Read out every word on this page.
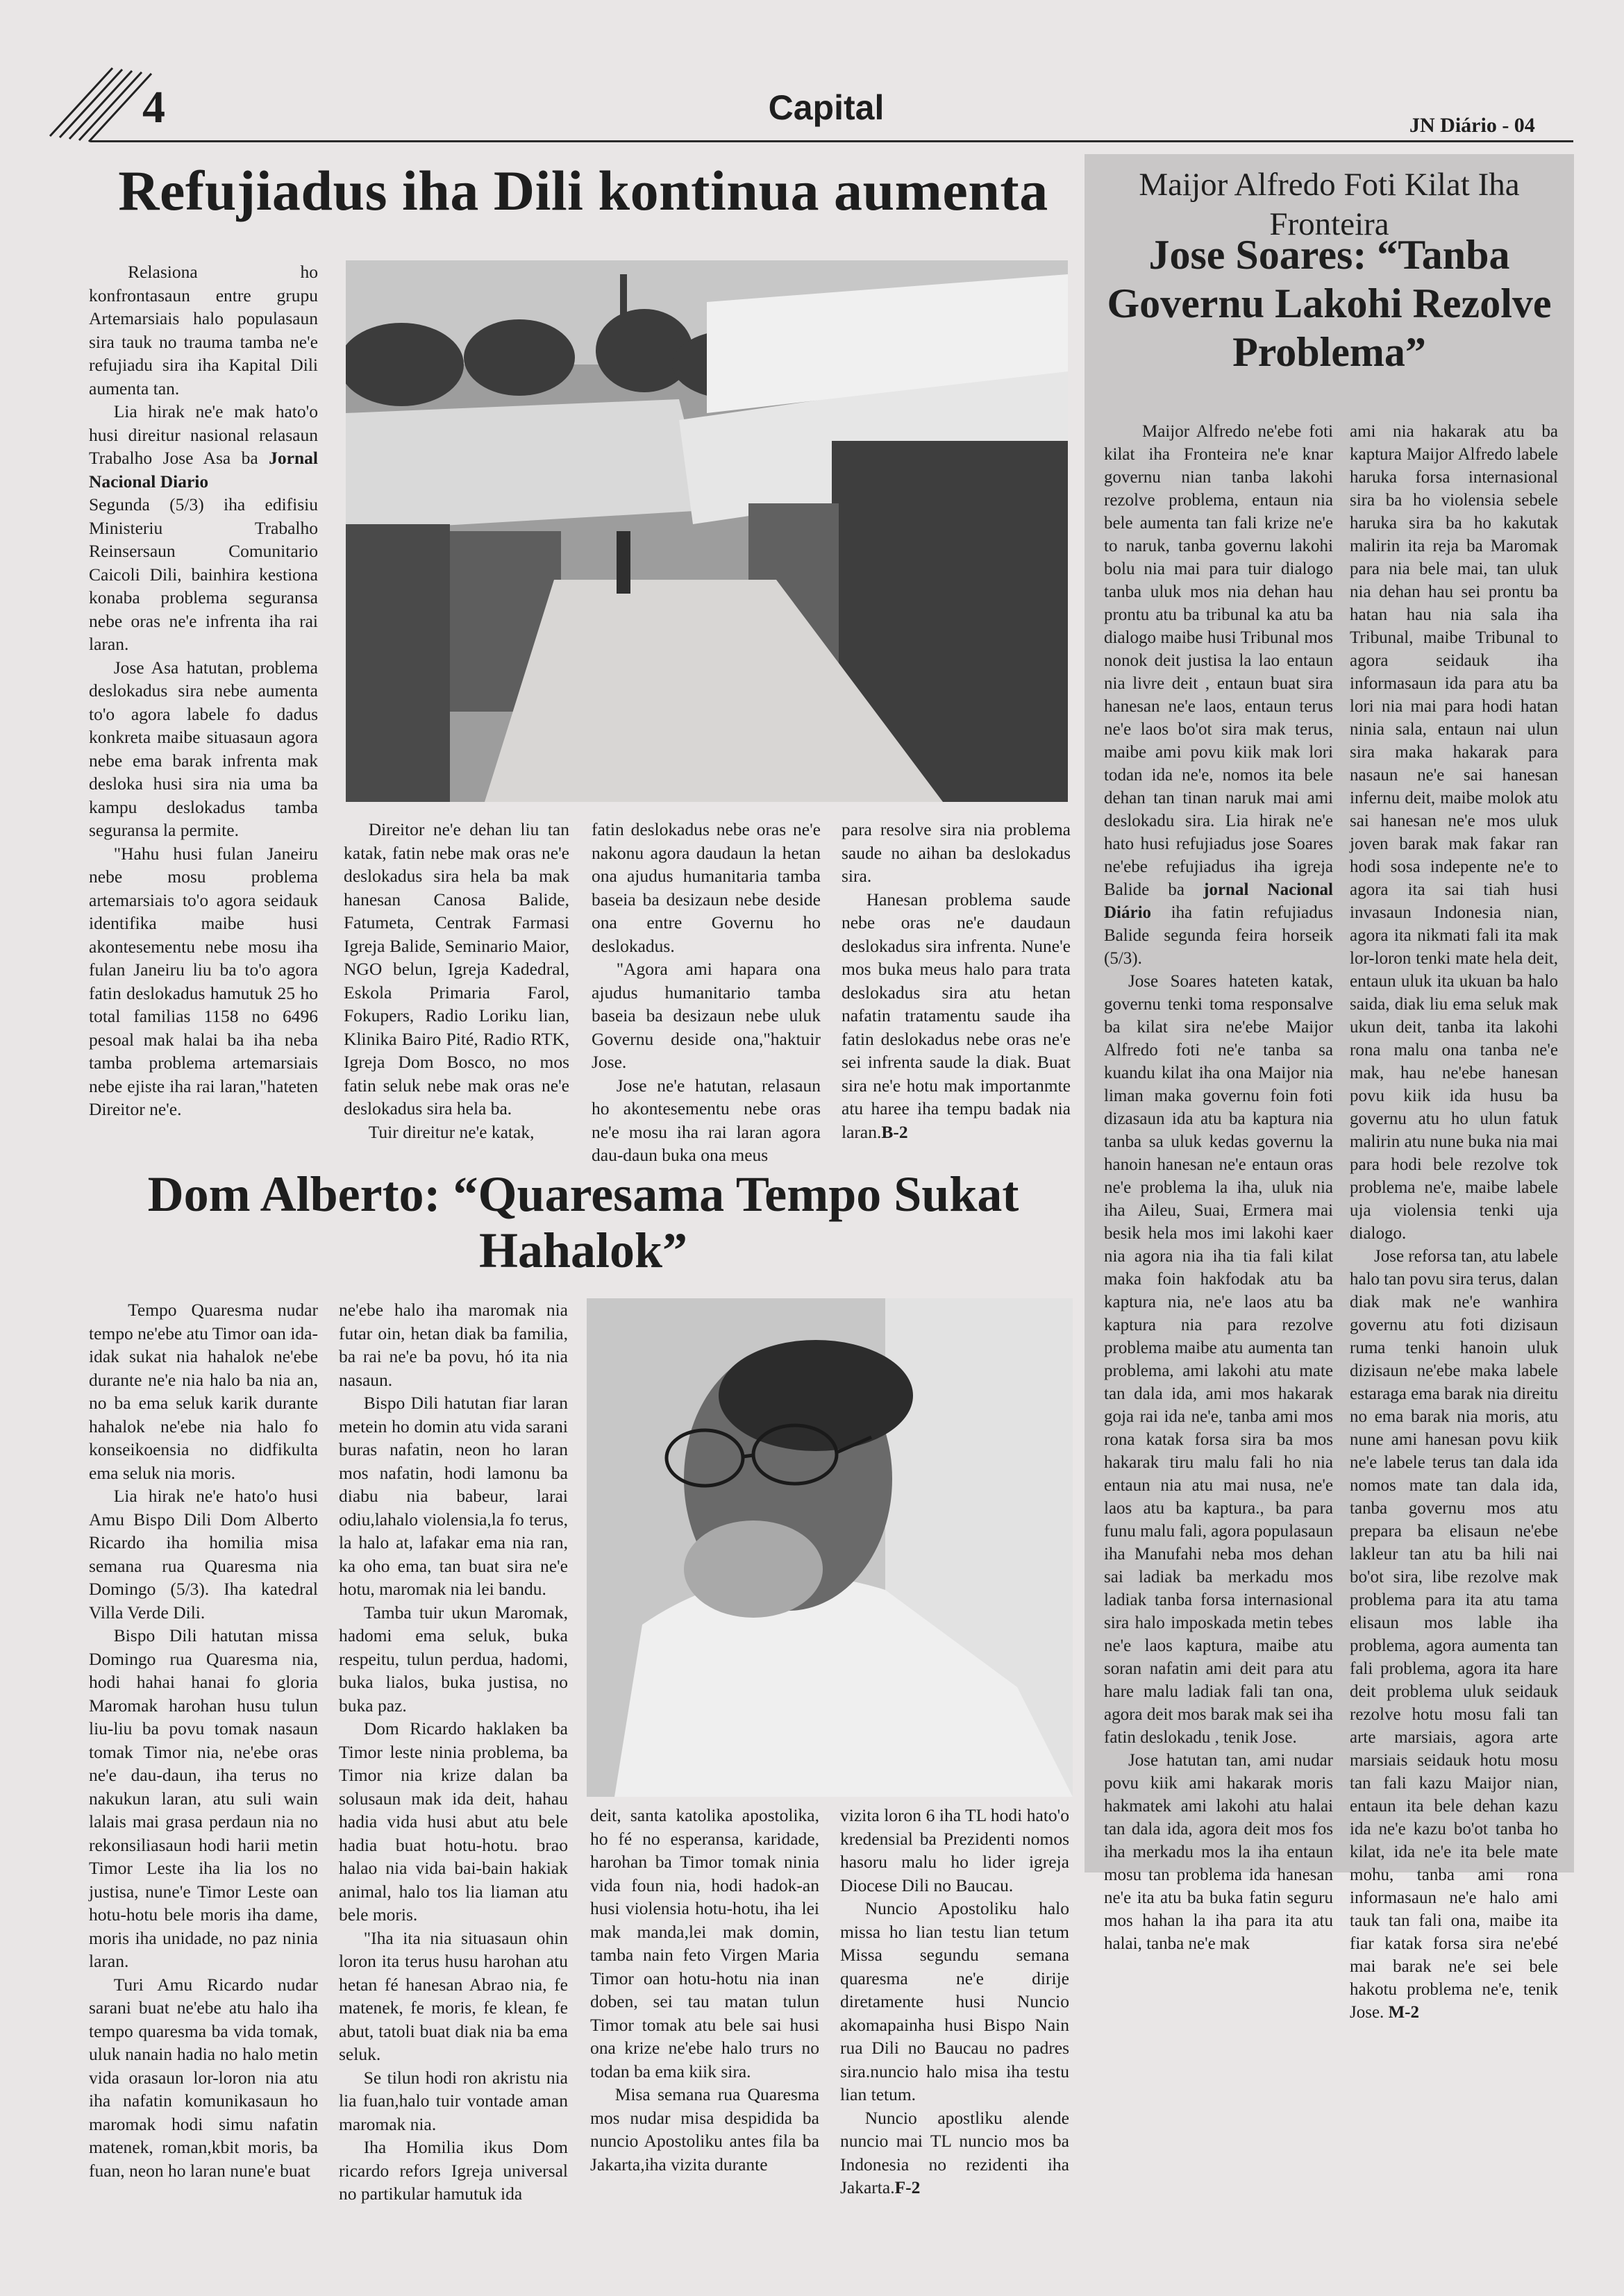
4	Capital	JN Diário - 04
Refujiadus iha Dili kontinua aumenta

Relasiona ho konfrontasaun entre grupu Artemarsiais halo populasaun sira tauk no trauma tamba ne'e refujiadu sira iha Kapital Dili aumenta tan.

Lia hirak ne'e mak hato'o husi direitur nasional relasaun Trabalho Jose Asa ba Jornal Nacional Diario

Segunda (5/3) iha edifisiu Ministeriu Trabalho Reinsersaun Comunitario Caicoli Dili, bainhira kestiona konaba problema seguransa nebe oras ne'e infrenta iha rai laran.

Jose Asa hatutan, problema deslokadus sira nebe aumenta to'o agora labele fo dadus konkreta maibe situasaun agora nebe ema barak infrenta mak desloka husi sira nia uma ba kampu deslokadus tamba seguransa la permite.

"Hahu husi fulan Janeiru nebe mosu problema artemarsiais to'o agora seidauk identifika maibe husi akontesementu nebe mosu iha fulan Janeiru liu ba to'o agora fatin deslokadus hamutuk 25 ho total familias 1158 no 6496 pesoal mak halai ba iha neba tamba problema artemarsiais nebe ejiste iha rai laran,"hateten Direitor ne'e.

Direitor ne'e dehan liu tan katak, fatin nebe mak oras ne'e deslokadus sira hela ba mak hanesan Canosa Balide, Fatumeta, Centrak Farmasi Igreja Balide, Seminario Maior, NGO belun, Igreja Kadedral, Eskola Primaria Farol, Fokupers, Radio Loriku lian, Klinika Bairo Pité, Radio RTK, Igreja Dom Bosco, no mos fatin seluk nebe mak oras ne'e deslokadus sira hela ba.

Tuir direitur ne'e katak,

fatin deslokadus nebe oras ne'e nakonu agora daudaun la hetan ona ajudus humanitaria tamba baseia ba desizaun nebe deside ona entre Governu ho deslokadus.

"Agora ami hapara ona ajudus humanitario tamba baseia ba desizaun nebe uluk Governu deside ona,"haktuir Jose.

Jose ne'e hatutan, relasaun ho akontesementu nebe oras ne'e mosu iha rai laran agora dau-daun buka ona meus

para resolve sira nia problema saude no aihan ba deslokadus sira.

Hanesan problema saude nebe oras ne'e daudaun deslokadus sira infrenta. Nune'e mos buka meus halo para trata deslokadus sira atu hetan nafatin tratamentu saude iha fatin deslokadus nebe oras ne'e sei infrenta saude la diak. Buat sira ne'e hotu mak importanmte atu haree iha tempu badak nia laran.B-2

Dom Alberto: “Quaresama Tempo Sukat
Hahalok”

Tempo Quaresma nudar tempo ne'ebe atu Timor oan ida-idak sukat nia hahalok ne'ebe durante ne'e nia halo ba nia an, no ba ema seluk karik durante hahalok ne'ebe nia halo fo konseikoensia no didfikulta ema seluk nia moris.

Lia hirak ne'e hato'o husi Amu Bispo Dili Dom Alberto Ricardo iha homilia misa semana rua Quaresma nia Domingo (5/3). Iha katedral Villa Verde Dili.

Bispo Dili hatutan missa Domingo rua Quaresma nia, hodi hahai hanai fo gloria Maromak harohan husu tulun liu-liu ba povu tomak nasaun tomak Timor nia, ne'ebe oras ne'e dau-daun, iha terus no nakukun laran, atu suli wain lalais mai grasa perdaun nia no rekonsiliasaun hodi harii metin Timor Leste iha lia los no justisa, nune'e Timor Leste oan hotu-hotu bele moris iha dame, moris iha unidade, no paz ninia laran.

Turi Amu Ricardo nudar sarani buat ne'ebe atu halo iha tempo quaresma ba vida tomak, uluk nanain hadia no halo metin vida orasaun lor-loron nia atu iha nafatin komunikasaun ho maromak hodi simu nafatin matenek, roman,kbit moris, ba fuan, neon ho laran nune'e buat

ne'ebe halo iha maromak nia futar oin, hetan diak ba familia, ba rai ne'e ba povu, hó ita nia nasaun.

Bispo Dili hatutan fiar laran metein ho domin atu vida sarani buras nafatin, neon ho laran mos nafatin, hodi lamonu ba diabu nia babeur, larai odiu,lahalo violensia,la fo terus, la halo at, lafakar ema nia ran, ka oho ema, tan buat sira ne'e hotu, maromak nia lei bandu.

Tamba tuir ukun Maromak, hadomi ema seluk, buka respeitu, tulun perdua, hadomi, buka lialos, buka justisa, no buka paz.

Dom Ricardo haklaken ba Timor leste ninia problema, ba Timor nia krize dalan ba solusaun mak ida deit, hahau hadia vida husi abut atu bele hadia buat hotu-hotu. brao halao nia vida bai-bain hakiak animal, halo tos lia liaman atu bele moris.

"Iha ita nia situasaun ohin loron ita terus husu harohan atu hetan fé hanesan Abrao nia, fe matenek, fe moris, fe klean, fe abut, tatoli buat diak nia ba ema seluk.

Se tilun hodi ron akristu nia lia fuan,halo tuir vontade aman maromak nia.

Iha Homilia ikus Dom ricardo refors Igreja universal no partikular hamutuk ida

deit, santa katolika apostolika, ho fé no esperansa, karidade, harohan ba Timor tomak ninia vida foun nia, hodi hadok-an husi violensia hotu-hotu, iha lei mak manda,lei mak domin, tamba nain feto Virgen Maria Timor oan hotu-hotu nia inan doben, sei tau matan tulun Timor tomak atu bele sai husi ona krize ne'ebe halo trurs no todan ba ema kiik sira.

Misa semana rua Quaresma mos nudar misa despidida ba nuncio Apostoliku antes fila ba Jakarta,iha vizita durante

vizita loron 6 iha TL hodi hato'o kredensial ba Prezidenti nomos hasoru malu ho lider igreja Diocese Dili no Baucau.

Nuncio Apostoliku halo missa ho lian testu lian tetum Missa segundu semana quaresma ne'e dirije diretamente husi Nuncio akomapainha husi Bispo Nain rua Dili no Baucau no padres sira.nuncio halo misa iha testu lian tetum.

Nuncio apostliku alende nuncio mai TL nuncio mos ba Indonesia no rezidenti iha Jakarta.F-2

Maijor Alfredo Foti Kilat Iha Fronteira
Jose Soares: “Tanba Governu Lakohi Rezolve Problema”

Maijor Alfredo ne'ebe foti kilat iha Fronteira ne'e knar governu nian tanba lakohi rezolve problema, entaun nia bele aumenta tan fali krize ne'e to naruk, tanba governu lakohi bolu nia mai para tuir dialogo tanba uluk mos nia dehan hau prontu atu ba tribunal ka atu ba dialogo maibe husi Tribunal mos nonok deit justisa la lao entaun nia livre deit , entaun buat sira hanesan ne'e laos, entaun terus ne'e laos bo'ot sira mak terus, maibe ami povu kiik mak lori todan ida ne'e, nomos ita bele dehan tan tinan naruk mai ami deslokadu sira. Lia hirak ne'e hato husi refujiadus jose Soares ne'ebe refujiadus iha igreja Balide ba jornal Nacional Diário iha fatin refujiadus Balide segunda feira horseik (5/3).

Jose Soares hateten katak, governu tenki toma responsalve ba kilat sira ne'ebe Maijor Alfredo foti ne'e tanba sa kuandu kilat iha ona Maijor nia liman maka governu foin foti dizasaun ida atu ba kaptura nia tanba sa uluk kedas governu la hanoin hanesan ne'e entaun oras ne'e problema la iha, uluk nia iha Aileu, Suai, Ermera mai besik hela mos imi lakohi kaer nia agora nia iha tia fali kilat maka foin hakfodak atu ba kaptura nia, ne'e laos atu ba kaptura nia para rezolve problema maibe atu aumenta tan problema, ami lakohi atu mate tan dala ida, ami mos hakarak goja rai ida ne'e, tanba ami mos rona katak forsa sira ba mos hakarak tiru malu fali ho nia entaun nia atu mai nusa, ne'e laos atu ba kaptura., ba para funu malu fali, agora populasaun iha Manufahi neba mos dehan sai ladiak ba merkadu mos ladiak tanba forsa internasional sira halo imposkada metin tebes ne'e laos kaptura, maibe atu soran nafatin ami deit para atu hare malu ladiak fali tan ona, agora deit mos barak mak sei iha fatin deslokadu , tenik Jose.

Jose hatutan tan, ami nudar povu kiik ami hakarak moris hakmatek ami lakohi atu halai tan dala ida, agora deit mos fos iha merkadu mos la iha entaun mosu tan problema ida hanesan ne'e ita atu ba buka fatin seguru mos hahan la iha para ita atu halai, tanba ne'e mak

ami nia hakarak atu ba kaptura Maijor Alfredo labele haruka forsa internasional sira ba ho violensia sebele haruka sira ba ho kakutak malirin ita reja ba Maromak para nia bele mai, tan uluk nia dehan hau sei prontu ba hatan hau nia sala iha Tribunal, maibe Tribunal to agora seidauk iha informasaun ida para atu ba lori nia mai para hodi hatan ninia sala, entaun nai ulun sira maka hakarak para nasaun ne'e sai hanesan infernu deit, maibe molok atu sai hanesan ne'e mos uluk joven barak mak fakar ran hodi sosa indepente ne'e to agora ita sai tiah husi invasaun Indonesia nian, agora ita nikmati fali ita mak lor-loron tenki mate hela deit, entaun uluk ita ukuan ba halo saida, diak liu ema seluk mak ukun deit, tanba ita lakohi rona malu ona tanba ne'e mak, hau ne'ebe hanesan povu kiik ida husu ba governu atu ho ulun fatuk malirin atu nune buka nia mai para hodi bele rezolve tok problema ne'e, maibe labele uja violensia tenki uja dialogo.

Jose reforsa tan, atu labele halo tan povu sira terus, dalan diak mak ne'e wanhira governu atu foti dizisaun ruma tenki hanoin uluk dizisaun ne'ebe maka labele estaraga ema barak nia direitu no ema barak nia moris, atu nune ami hanesan povu kiik ne'e labele terus tan dala ida nomos mate tan dala ida, tanba governu mos atu prepara ba elisaun ne'ebe lakleur tan atu ba hili nai bo'ot sira, libe rezolve mak problema para ita atu tama elisaun mos lable iha problema, agora aumenta tan fali problema, agora ita hare deit problema uluk seidauk rezolve hotu mosu fali tan arte marsiais, agora arte marsiais seidauk hotu mosu tan fali kazu Maijor nian, entaun ita bele dehan kazu ida ne'e kazu bo'ot tanba ho kilat, ida ne'e ita bele mate mohu, tanba ami rona informasaun ne'e halo ami tauk tan fali ona, maibe ita fiar katak forsa sira ne'ebé mai barak ne'e sei bele hakotu problema ne'e, tenik Jose. M-2
